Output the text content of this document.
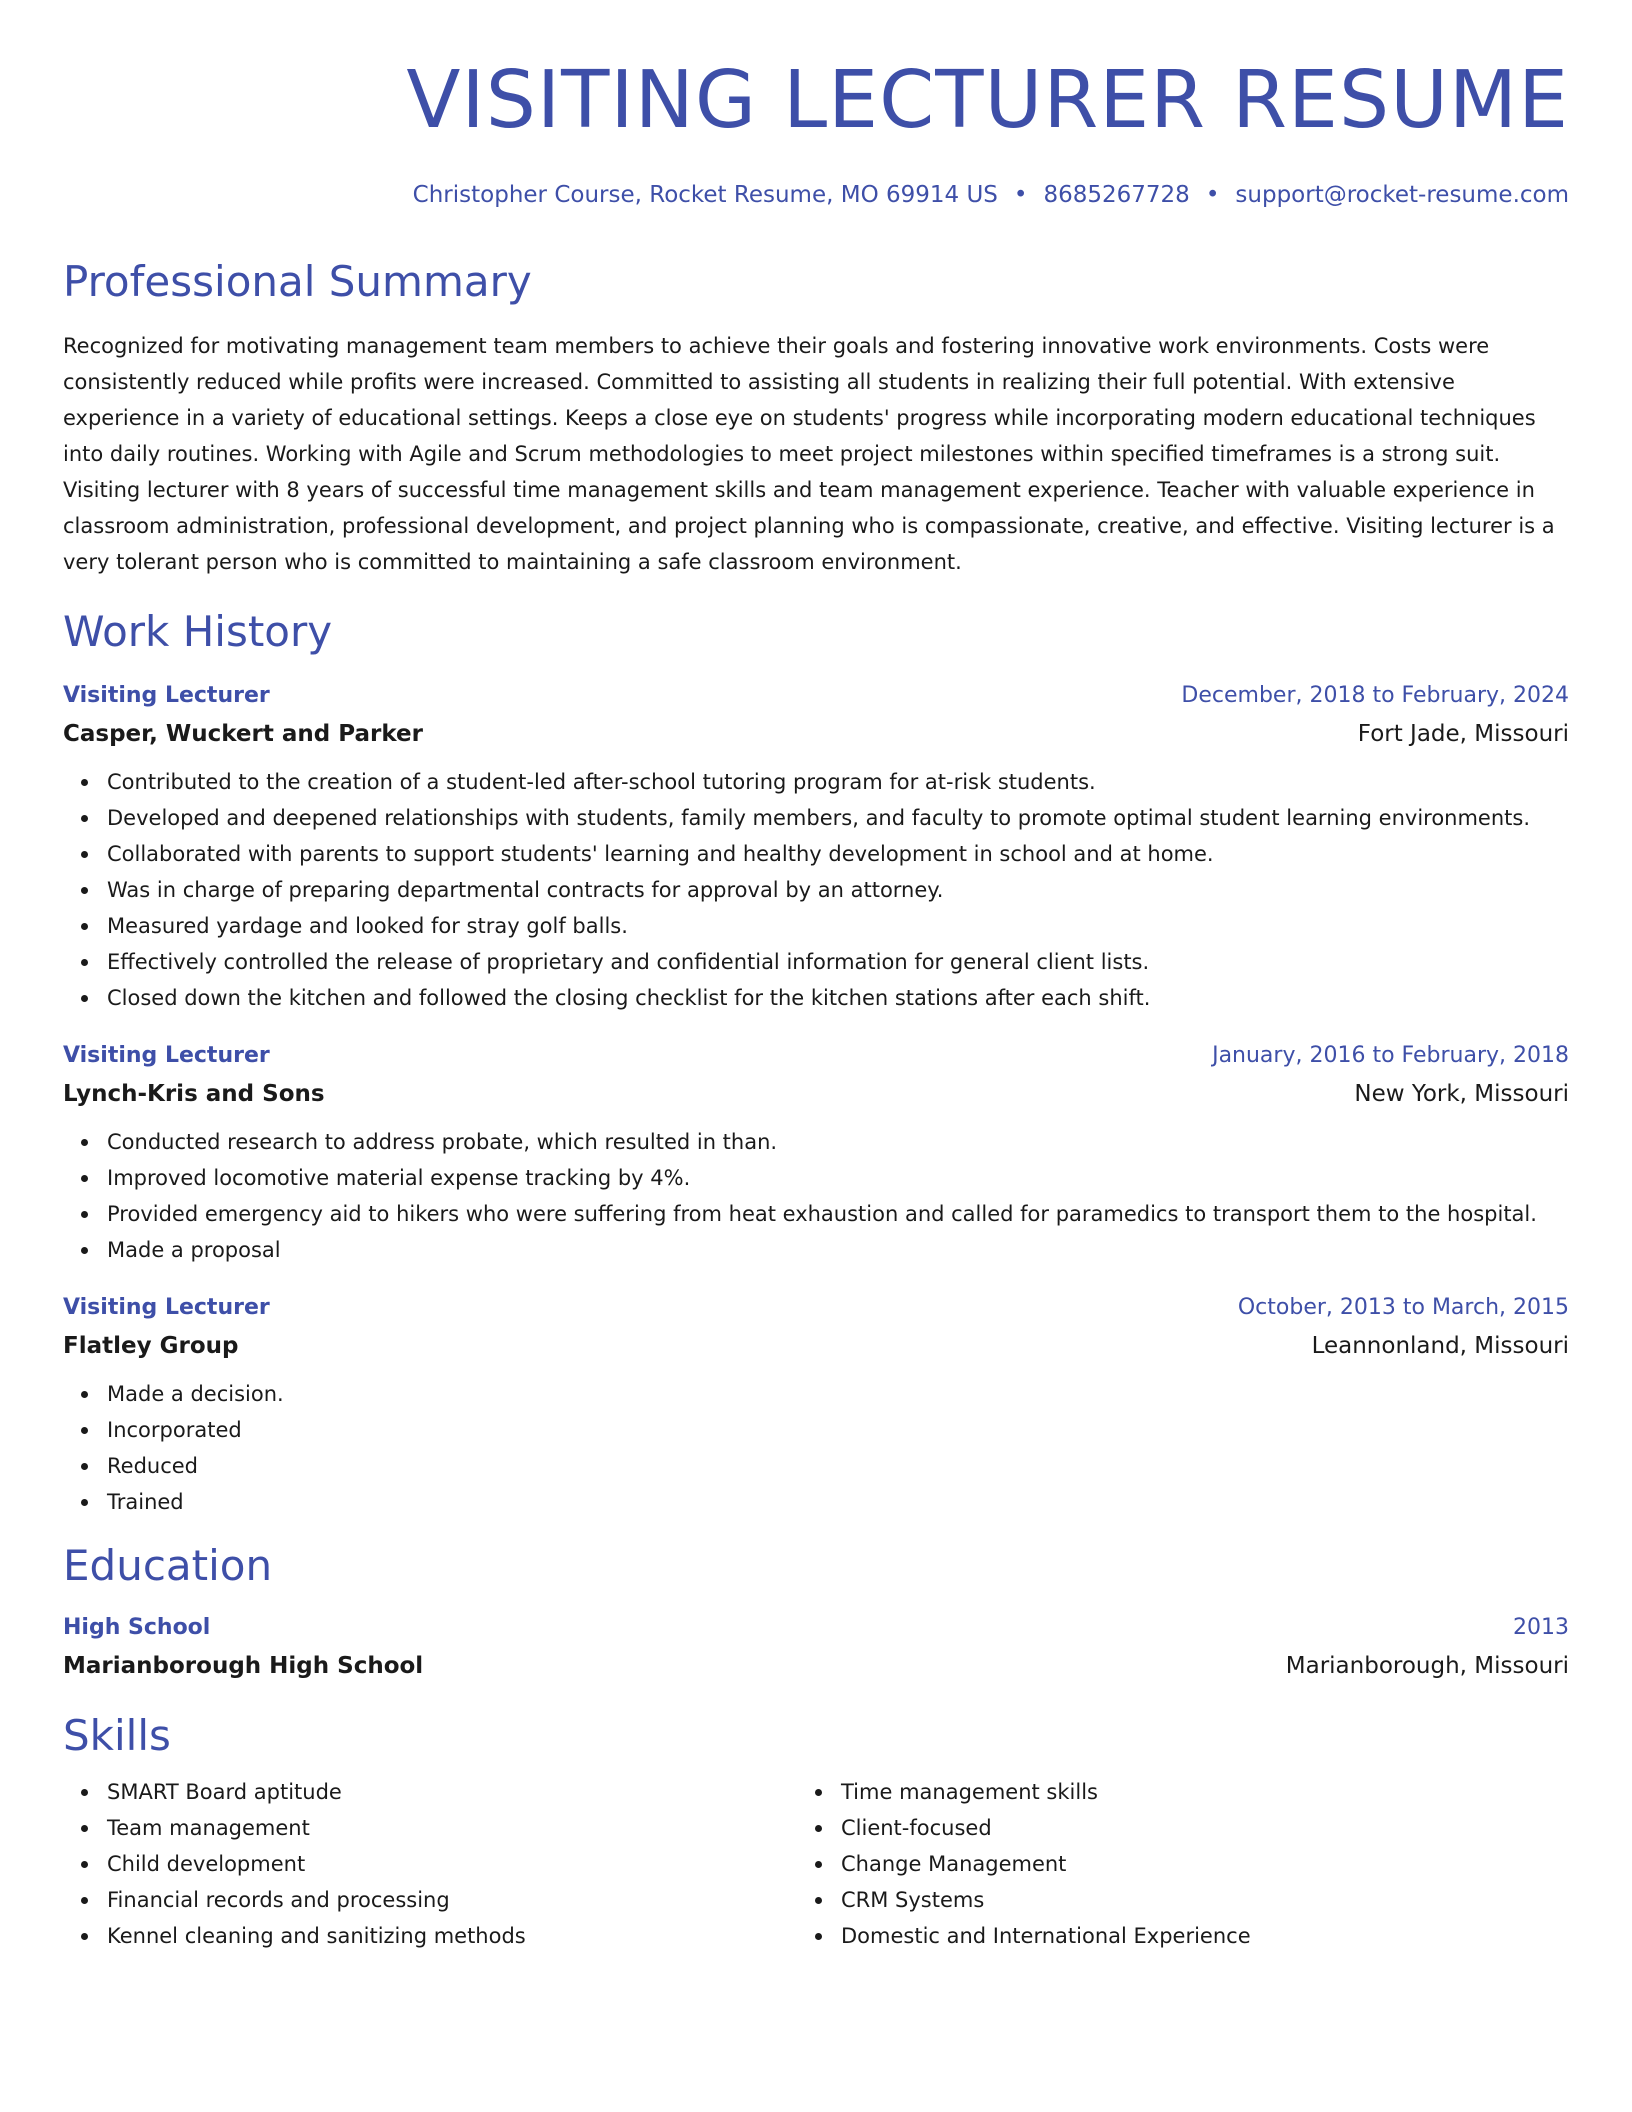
VISITING LECTURER RESUME
Christopher Course, Rocket Resume, MO 69914 US • 8685267728 • support@rocket-resume.com
Professional Summary
Recognized for motivating management team members to achieve their goals and fostering innovative work environments. Costs were consistently reduced while profits were increased. Committed to assisting all students in realizing their full potential. With extensive experience in a variety of educational settings. Keeps a close eye on students' progress while incorporating modern educational techniques into daily routines. Working with Agile and Scrum methodologies to meet project milestones within specified timeframes is a strong suit. Visiting lecturer with 8 years of successful time management skills and team management experience. Teacher with valuable experience in classroom administration, professional development, and project planning who is compassionate, creative, and effective. Visiting lecturer is a very tolerant person who is committed to maintaining a safe classroom environment.
Work History
Visiting Lecturer	December, 2018 to February, 2024
Casper, Wuckert and Parker	Fort Jade, Missouri
Contributed to the creation of a student-led after-school tutoring program for at-risk students.
Developed and deepened relationships with students, family members, and faculty to promote optimal student learning environments.
Collaborated with parents to support students' learning and healthy development in school and at home.
Was in charge of preparing departmental contracts for approval by an attorney.
Measured yardage and looked for stray golf balls.
Effectively controlled the release of proprietary and confidential information for general client lists.
Closed down the kitchen and followed the closing checklist for the kitchen stations after each shift.
Visiting Lecturer	January, 2016 to February, 2018
Lynch-Kris and Sons	New York, Missouri
Conducted research to address probate, which resulted in than.
Improved locomotive material expense tracking by 4%.
Provided emergency aid to hikers who were suffering from heat exhaustion and called for paramedics to transport them to the hospital.
Made a proposal
Visiting Lecturer	October, 2013 to March, 2015
Flatley Group	Leannonland, Missouri
Made a decision.
Incorporated
Reduced
Trained
Education
High School	2013
Marianborough High School	Marianborough, Missouri
Skills
SMART Board aptitude
Team management
Child development
Financial records and processing
Kennel cleaning and sanitizing methods
Time management skills
Client-focused
Change Management
CRM Systems
Domestic and International Experience
